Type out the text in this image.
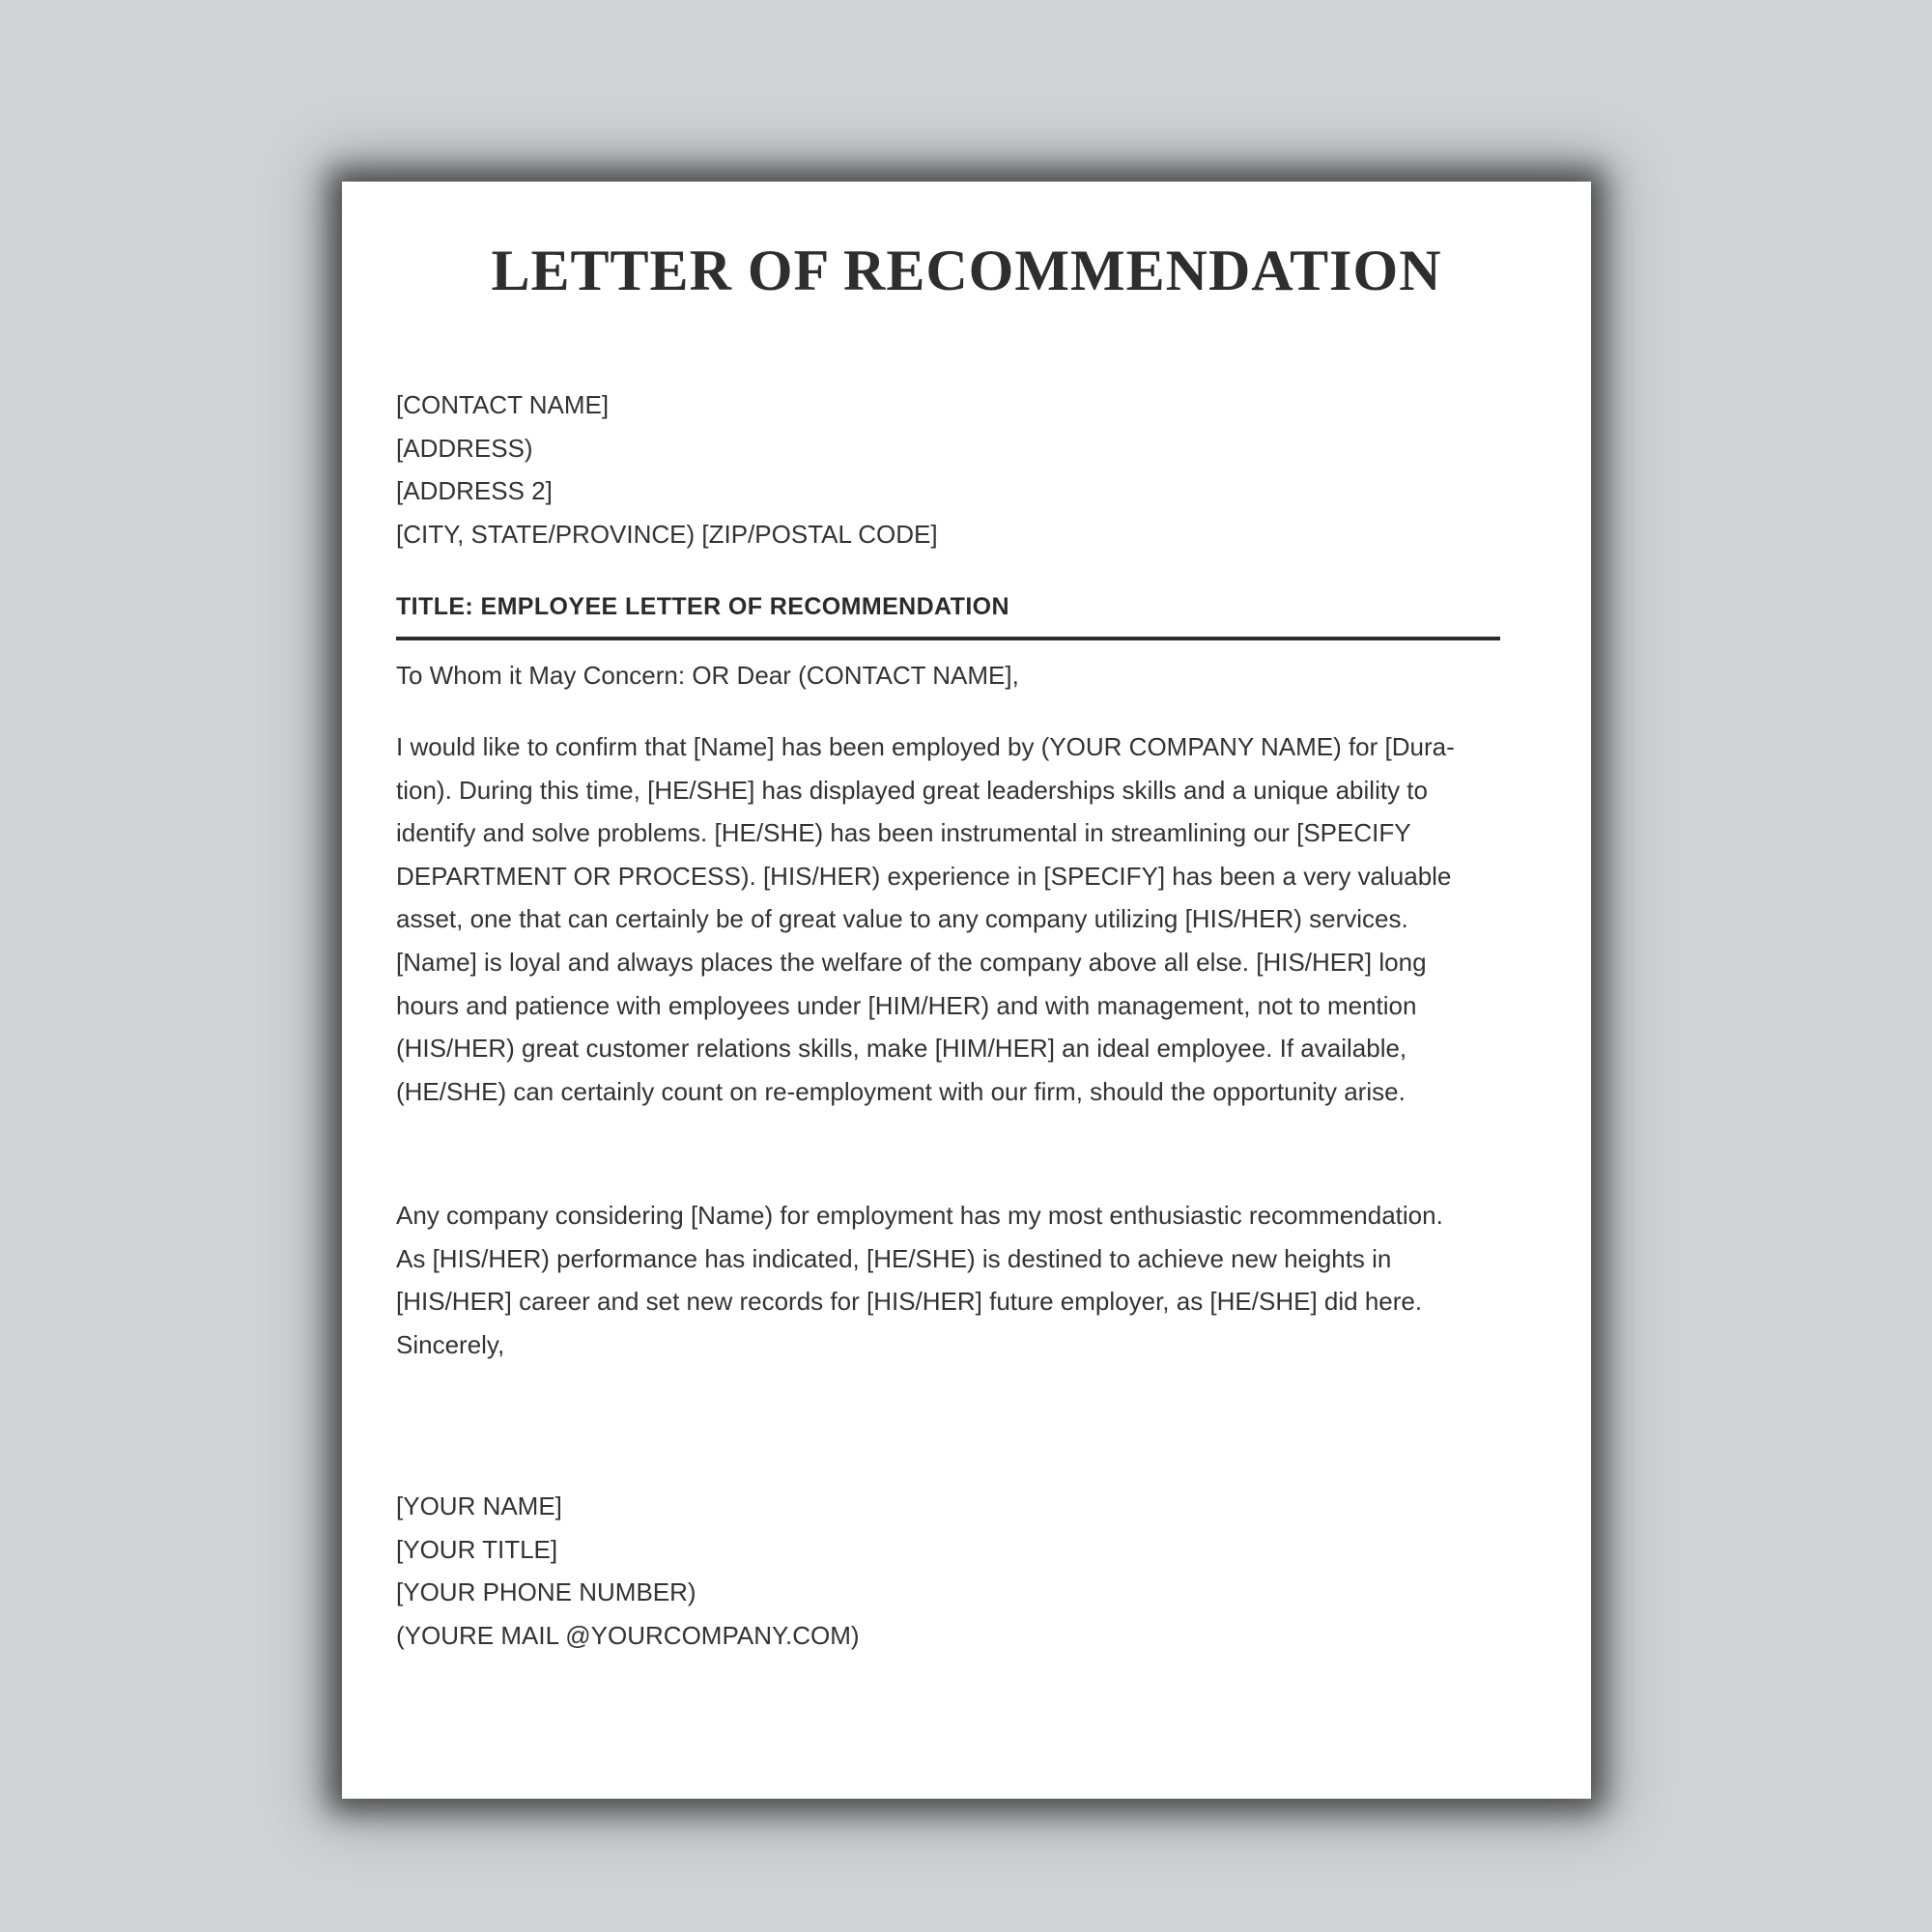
LETTER OF RECOMMENDATION
[CONTACT NAME]
[ADDRESS)
[ADDRESS 2]
[CITY, STATE/PROVINCE) [ZIP/POSTAL CODE]
TITLE: EMPLOYEE LETTER OF RECOMMENDATION
To Whom it May Concern: OR Dear (CONTACT NAME],
I would like to confirm that [Name] has been employed by (YOUR COMPANY NAME) for [Dura-
tion). During this time, [HE/SHE] has displayed great leaderships skills and a unique ability to
identify and solve problems. [HE/SHE) has been instrumental in streamlining our [SPECIFY
DEPARTMENT OR PROCESS). [HIS/HER) experience in [SPECIFY] has been a very valuable
asset, one that can certainly be of great value to any company utilizing [HIS/HER) services.
[Name] is loyal and always places the welfare of the company above all else. [HIS/HER] long
hours and patience with employees under [HIM/HER) and with management, not to mention
(HIS/HER) great customer relations skills, make [HIM/HER] an ideal employee. If available,
(HE/SHE) can certainly count on re-employment with our firm, should the opportunity arise.
Any company considering [Name) for employment has my most enthusiastic recommendation.
As [HIS/HER) performance has indicated, [HE/SHE) is destined to achieve new heights in
[HIS/HER] career and set new records for [HIS/HER] future employer, as [HE/SHE] did here.
Sincerely,
[YOUR NAME]
[YOUR TITLE]
[YOUR PHONE NUMBER)
(YOURE MAIL @YOURCOMPANY.COM)
